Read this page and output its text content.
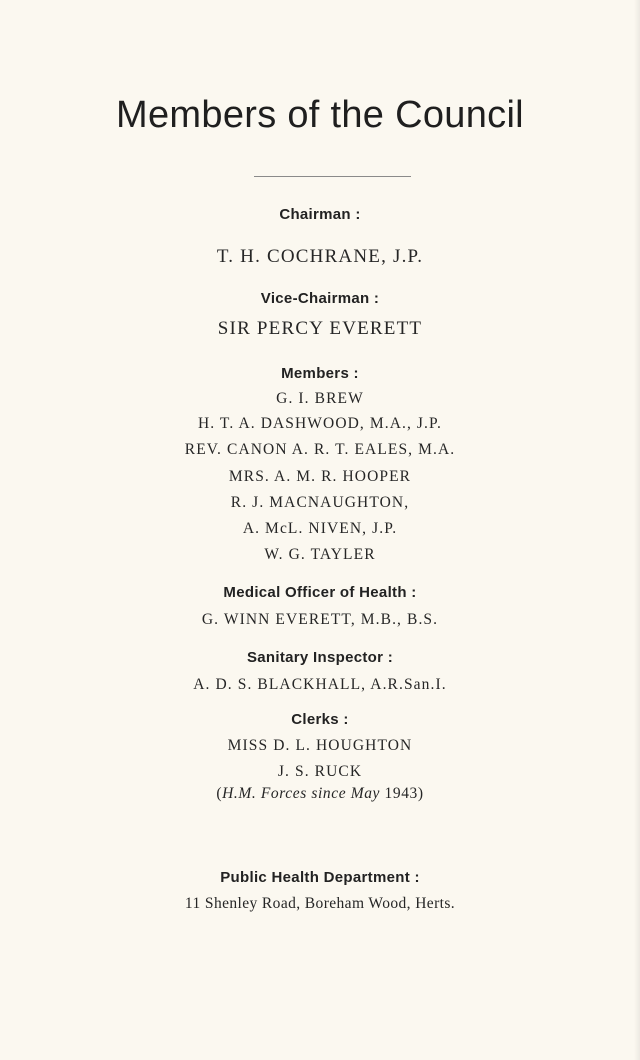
Members of the Council
Chairman :
T. H. COCHRANE, J.P.
Vice-Chairman :
SIR PERCY EVERETT
Members :
G. I. BREW
H. T. A. DASHWOOD, M.A., J.P.
REV. CANON A. R. T. EALES, M.A.
MRS. A. M. R. HOOPER
R. J. MACNAUGHTON,
A. McL. NIVEN, J.P.
W. G. TAYLER
Medical Officer of Health :
G. WINN EVERETT, M.B., B.S.
Sanitary Inspector :
A. D. S. BLACKHALL, A.R.San.I.
Clerks :
MISS D. L. HOUGHTON
J. S. RUCK
(H.M. Forces since May 1943)
Public Health Department :
11 Shenley Road, Boreham Wood, Herts.
